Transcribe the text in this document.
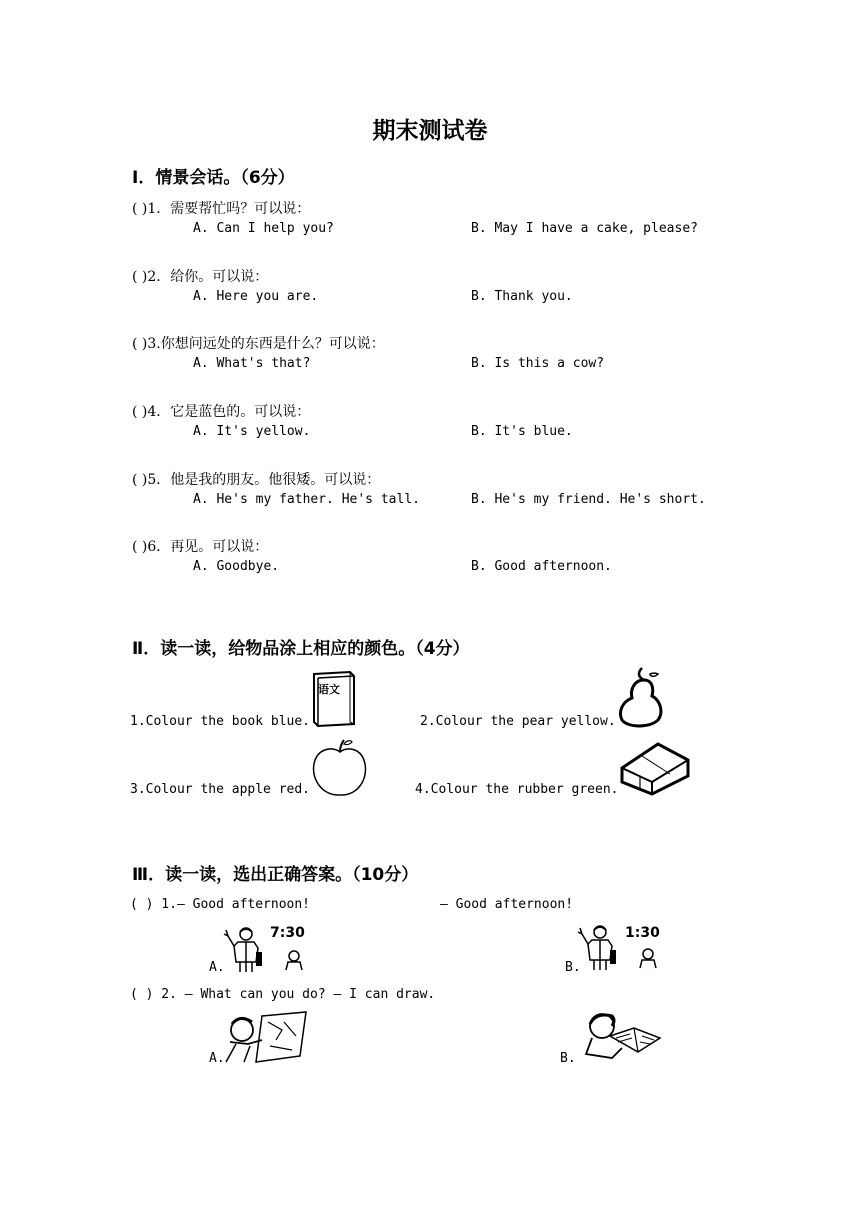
期末测试卷
Ⅰ．情景会话。（6分）
( )1．需要帮忙吗？可以说：
A. Can I help you?	B. May I have a cake, please?
( )2．给你。可以说：
A. Here you are.	B. Thank you.
( )3.你想问远处的东西是什么？可以说：
A. What's that?	B. Is this a cow?
( )4．它是蓝色的。可以说：
A. It's yellow.	B. It's blue.
( )5．他是我的朋友。他很矮。可以说：
A. He's my father. He's tall.	B. He's my friend. He's short.
( )6．再见。可以说：
A. Goodbye.	B. Good afternoon.
Ⅱ．读一读，给物品涂上相应的颜色。（4分）
1.Colour the book blue.
语文
2.Colour the pear yellow.
3.Colour the apple red.	4.Colour the rubber green.
Ⅲ．读一读，选出正确答案。（10分）
( ) 1.— Good afternoon!	– Good afternoon!
A.
7:30
B.
1:30
( ) 2. — What can you do? – I can draw.
A.	B.
